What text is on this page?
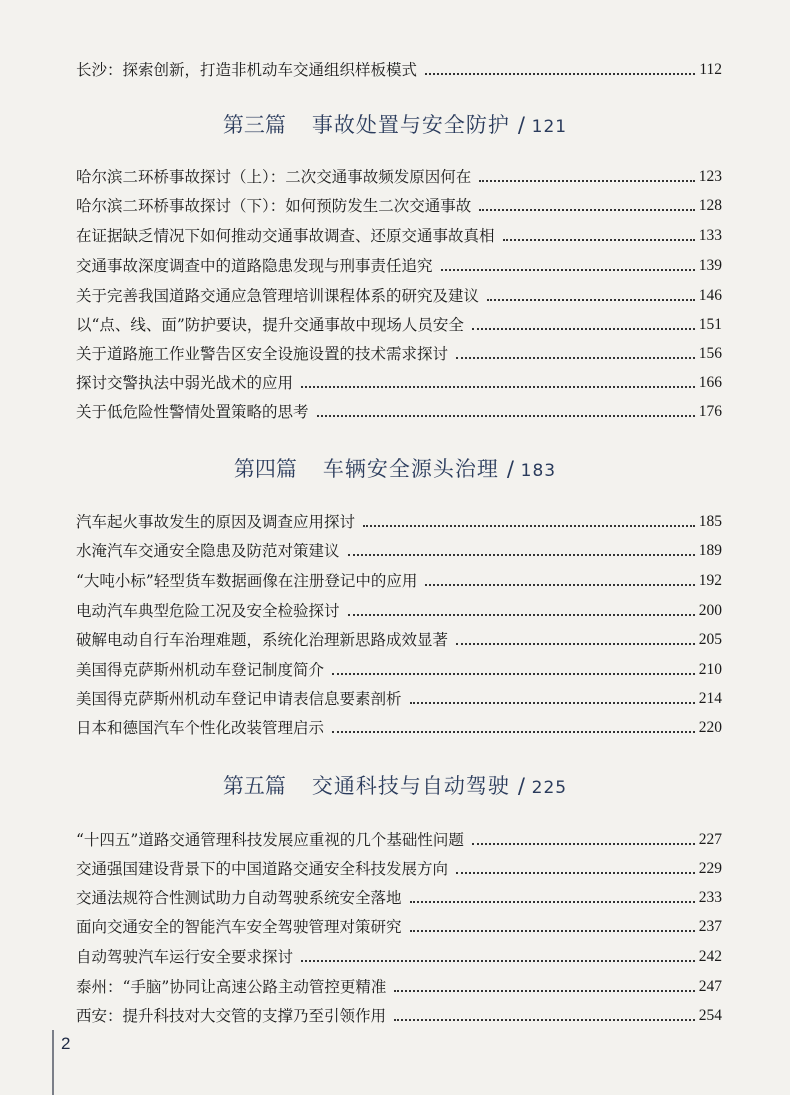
长沙：探索创新，打造非机动车交通组织样板模式	112
第三篇 事故处置与安全防护 / 121
哈尔滨二环桥事故探讨（上）：二次交通事故频发原因何在	123
哈尔滨二环桥事故探讨（下）：如何预防发生二次交通事故	128
在证据缺乏情况下如何推动交通事故调查、还原交通事故真相	133
交通事故深度调查中的道路隐患发现与刑事责任追究	139
关于完善我国道路交通应急管理培训课程体系的研究及建议	146
以“点、线、面”防护要诀，提升交通事故中现场人员安全	151
关于道路施工作业警告区安全设施设置的技术需求探讨	156
探讨交警执法中弱光战术的应用	166
关于低危险性警情处置策略的思考	176
第四篇 车辆安全源头治理 / 183
汽车起火事故发生的原因及调查应用探讨	185
水淹汽车交通安全隐患及防范对策建议	189
“大吨小标”轻型货车数据画像在注册登记中的应用	192
电动汽车典型危险工况及安全检验探讨	200
破解电动自行车治理难题，系统化治理新思路成效显著	205
美国得克萨斯州机动车登记制度简介	210
美国得克萨斯州机动车登记申请表信息要素剖析	214
日本和德国汽车个性化改装管理启示	220
第五篇 交通科技与自动驾驶 / 225
“十四五”道路交通管理科技发展应重视的几个基础性问题	227
交通强国建设背景下的中国道路交通安全科技发展方向	229
交通法规符合性测试助力自动驾驶系统安全落地	233
面向交通安全的智能汽车安全驾驶管理对策研究	237
自动驾驶汽车运行安全要求探讨	242
泰州：“手脑”协同让高速公路主动管控更精准	247
西安：提升科技对大交管的支撑乃至引领作用	254
2
